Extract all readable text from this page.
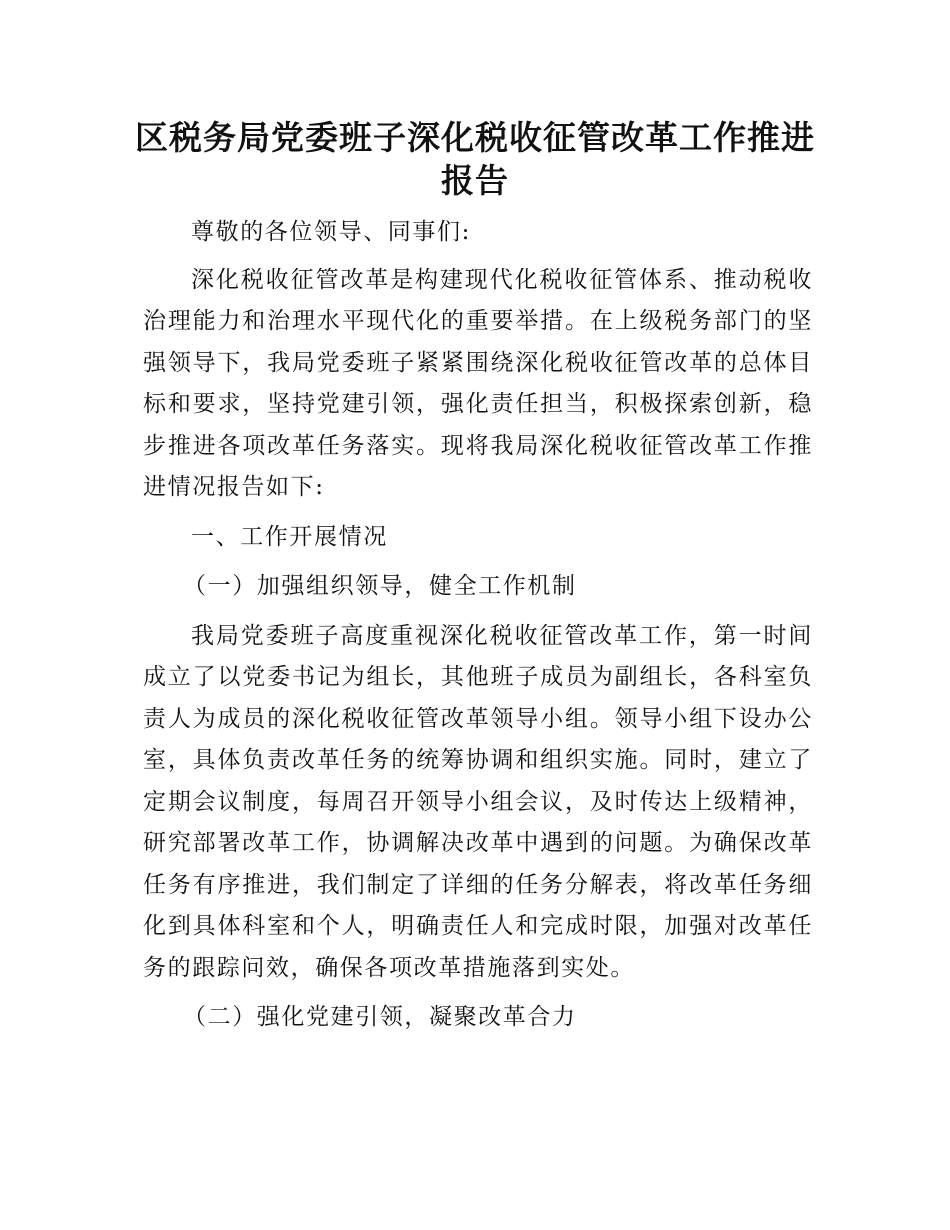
区税务局党委班子深化税收征管改革工作推进
报告

尊敬的各位领导、同事们:

深化税收征管改革是构建现代化税收征管体系、推动税收治理能力和治理水平现代化的重要举措。在上级税务部门的坚强领导下，我局党委班子紧紧围绕深化税收征管改革的总体目标和要求，坚持党建引领，强化责任担当，积极探索创新，稳步推进各项改革任务落实。现将我局深化税收征管改革工作推进情况报告如下:

一、工作开展情况

（一）加强组织领导，健全工作机制

我局党委班子高度重视深化税收征管改革工作，第一时间成立了以党委书记为组长，其他班子成员为副组长，各科室负责人为成员的深化税收征管改革领导小组。领导小组下设办公室，具体负责改革任务的统筹协调和组织实施。同时，建立了定期会议制度，每周召开领导小组会议，及时传达上级精神，研究部署改革工作，协调解决改革中遇到的问题。为确保改革任务有序推进，我们制定了详细的任务分解表，将改革任务细化到具体科室和个人，明确责任人和完成时限，加强对改革任务的跟踪问效，确保各项改革措施落到实处。

（二）强化党建引领，凝聚改革合力
